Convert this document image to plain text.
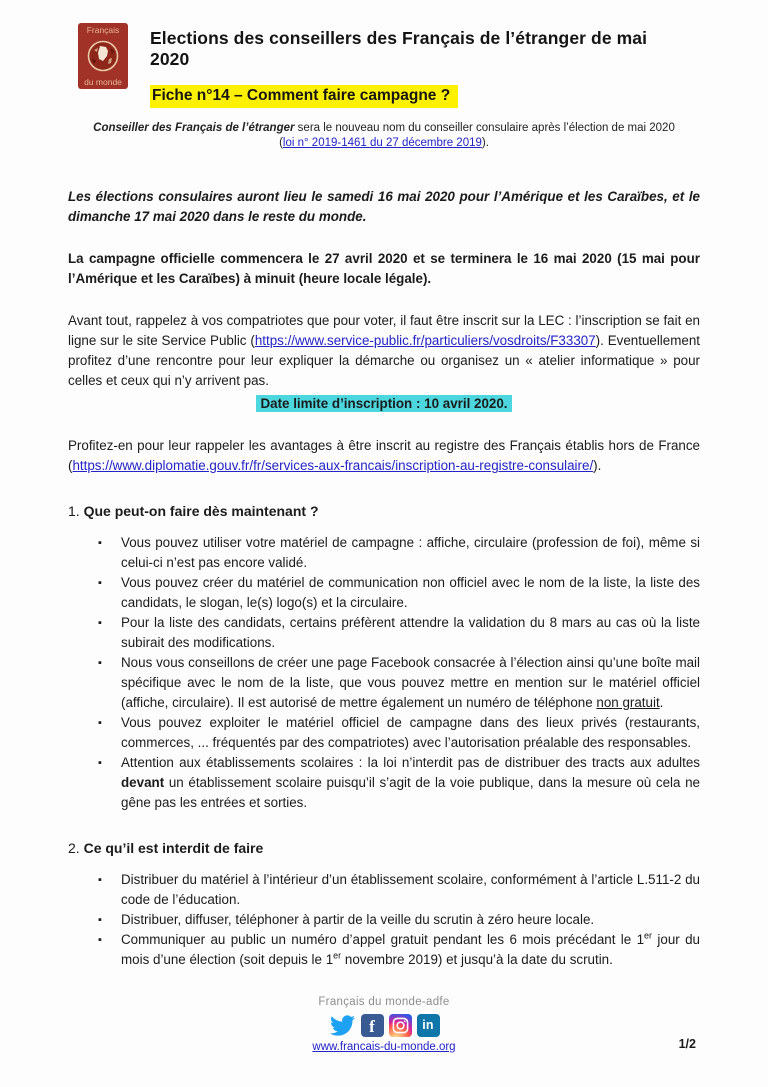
Français
du monde
Elections des conseillers des Français de l’étranger de mai 2020
Fiche n°14 – Comment faire campagne ?
Conseiller des Français de l’étranger sera le nouveau nom du conseiller consulaire après l’élection de mai 2020
(loi n° 2019-1461 du 27 décembre 2019).

Les élections consulaires auront lieu le samedi 16 mai 2020 pour l’Amérique et les Caraïbes, et le dimanche 17 mai 2020 dans le reste du monde.

La campagne officielle commencera le 27 avril 2020 et se terminera le 16 mai 2020 (15 mai pour l’Amérique et les Caraïbes) à minuit (heure locale légale).

Avant tout, rappelez à vos compatriotes que pour voter, il faut être inscrit sur la LEC : l’inscription se fait en ligne sur le site Service Public (https://www.service-public.fr/particuliers/vosdroits/F33307). Eventuellement profitez d’une rencontre pour leur expliquer la démarche ou organisez un « atelier informatique » pour celles et ceux qui n’y arrivent pas.

Date limite d’inscription : 10 avril 2020.

Profitez-en pour leur rappeler les avantages à être inscrit au registre des Français établis hors de France (https://www.diplomatie.gouv.fr/fr/services-aux-francais/inscription-au-registre-consulaire/).

1. Que peut-on faire dès maintenant ?
▪ Vous pouvez utiliser votre matériel de campagne : affiche, circulaire (profession de foi), même si celui-ci n’est pas encore validé.
▪ Vous pouvez créer du matériel de communication non officiel avec le nom de la liste, la liste des candidats, le slogan, le(s) logo(s) et la circulaire.
▪ Pour la liste des candidats, certains préfèrent attendre la validation du 8 mars au cas où la liste subirait des modifications.
▪ Nous vous conseillons de créer une page Facebook consacrée à l’élection ainsi qu’une boîte mail spécifique avec le nom de la liste, que vous pouvez mettre en mention sur le matériel officiel (affiche, circulaire). Il est autorisé de mettre également un numéro de téléphone non gratuit.
▪ Vous pouvez exploiter le matériel officiel de campagne dans des lieux privés (restaurants, commerces, ... fréquentés par des compatriotes) avec l’autorisation préalable des responsables.
▪ Attention aux établissements scolaires : la loi n’interdit pas de distribuer des tracts aux adultes devant un établissement scolaire puisqu’il s’agit de la voie publique, dans la mesure où cela ne gêne pas les entrées et sorties.
2. Ce qu’il est interdit de faire
▪ Distribuer du matériel à l’intérieur d’un établissement scolaire, conformément à l’article L.511-2 du code de l’éducation.
▪ Distribuer, diffuser, téléphoner à partir de la veille du scrutin à zéro heure locale.
▪ Communiquer au public un numéro d’appel gratuit pendant les 6 mois précédant le 1er jour du mois d’une élection (soit depuis le 1er novembre 2019) et jusqu’à la date du scrutin.
Français du monde-adfe
f	in
www.francais-du-monde.org	1/2
